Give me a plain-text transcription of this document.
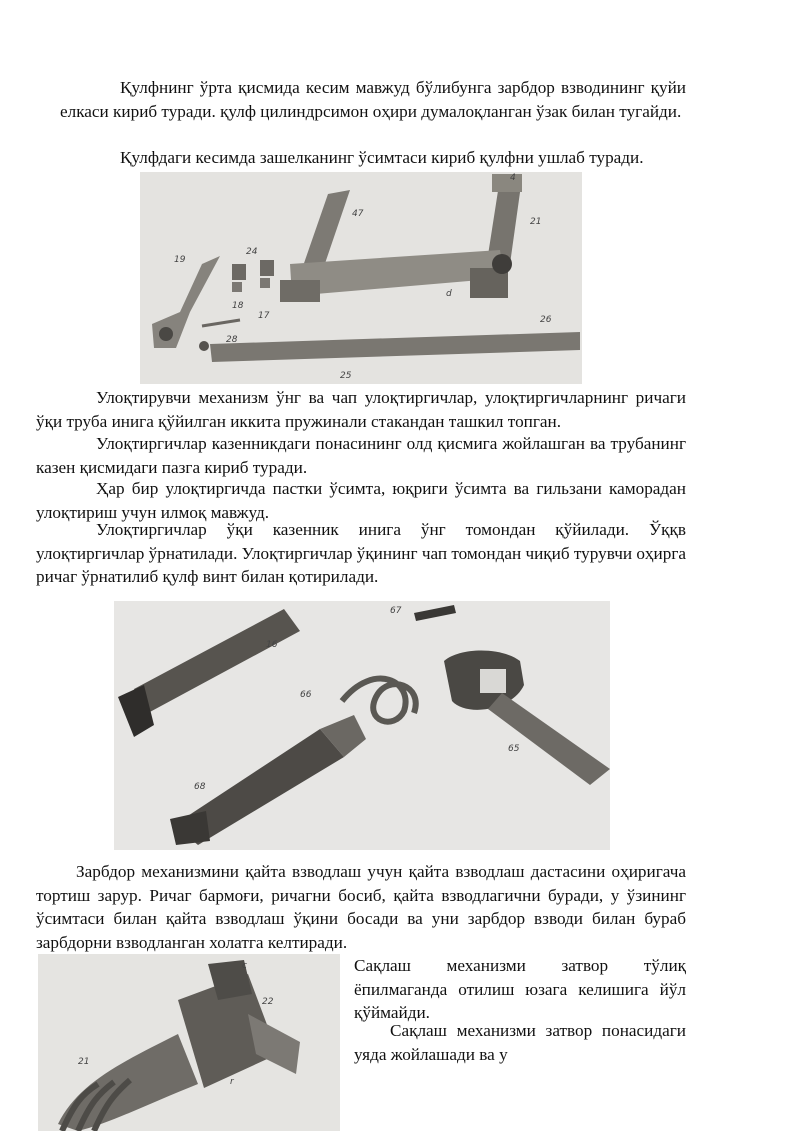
Қулфнинг ўрта қисмида кесим мавжуд бўлибунга зарбдор взводининг қуйи елкаси кириб туради. қулф цилиндрсимон оҳири думалоқланган ўзак билан тугайди.

Қулфдаги кесимда зашелканинг ўсимтаси кириб қулфни ушлаб туради.

4
47
21
19
24
18
17
d
28
26
25

Улоқтирувчи механизм ўнг ва чап улоқтиргичлар, улоқтиргичларнинг ричаги ўқи труба инига қўйилган иккита пружинали стакандан ташкил топган.

Улоқтиргичлар казенникдаги понасининг олд қисмига жойлашган ва трубанинг казен қисмидаги пазга кириб туради.

Ҳар бир улоқтиргичда пастки ўсимта, юқриги ўсимта ва гильзани каморадан улоқтириш учун илмоқ мавжуд.

Улоқтиргичлар ўқи казенник инига ўнг томондан қўйилади. Ўққв улоқтиргичлар ўрнатилади. Улоқтиргичлар ўқининг чап томондан чиқиб турувчи оҳирга ричаг ўрнатилиб қулф винт билан қотирилади.

67
16
66
65
68

Зарбдор механизмини қайта взводлаш учун қайта взводлаш дастасини оҳиригача тортиш зарур. Ричаг бармоғи, ричагни босиб, қайта взводлагични буради, у ўзининг ўсимтаси билан қайта взводлаш ўқини босади ва уни зарбдор взводи билан бураб зарбдорни взводланган холатга келтиради.

c
22
21
r

Сақлаш механизми затвор тўлиқ ёпилмаганда отилиш юзага келишига йўл қўймайди.

Сақлаш механизми затвор понасидаги уяда жойлашади ва у
